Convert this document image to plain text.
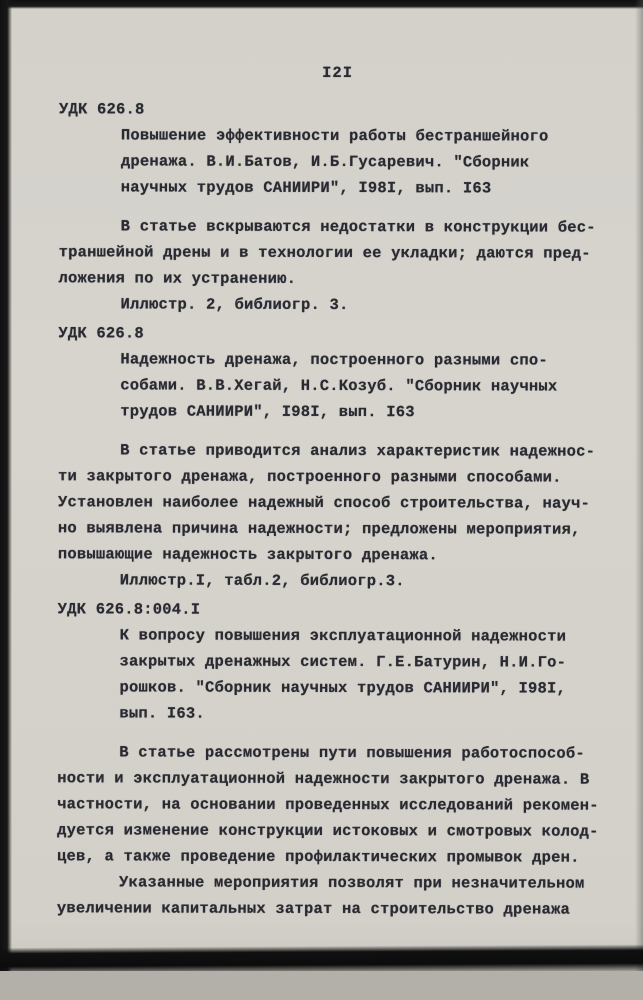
I2I
УДК 626.8
Повышение эффективности работы бестраншейного
дренажа. В.И.Батов, И.Б.Гусаревич. "Сборник
научных трудов САНИИРИ", I98I, вып. I63
В статье вскрываются недостатки в конструкции бес-
траншейной дрены и в технологии ее укладки; даются пред-
ложения по их устранению.
Иллюстр. 2, библиогр. 3.
УДК 626.8
Надежность дренажа, построенного разными спо-
собами. В.В.Хегай, Н.С.Козуб. "Сборник научных
трудов САНИИРИ", I98I, вып. I63
В статье приводится анализ характеристик надежнос-
ти закрытого дренажа, построенного разными способами.
Установлен наиболее надежный способ строительства, науч-
но выявлена причина надежности; предложены мероприятия,
повышающие надежность закрытого дренажа.
Иллюстр.I, табл.2, библиогр.3.
УДК 626.8:004.I
К вопросу повышения эксплуатационной надежности
закрытых дренажных систем. Г.Е.Батурин, Н.И.Го-
рошков. "Сборник научных трудов САНИИРИ", I98I,
вып. I63.
В статье рассмотрены пути повышения работоспособ-
ности и эксплуатационной надежности закрытого дренажа. В
частности, на основании проведенных исследований рекомен-
дуется изменение конструкции истоковых и смотровых колод-
цев, а также проведение профилактических промывок дрен.
Указанные мероприятия позволят при незначительном
увеличении капитальных затрат на строительство дренажа
